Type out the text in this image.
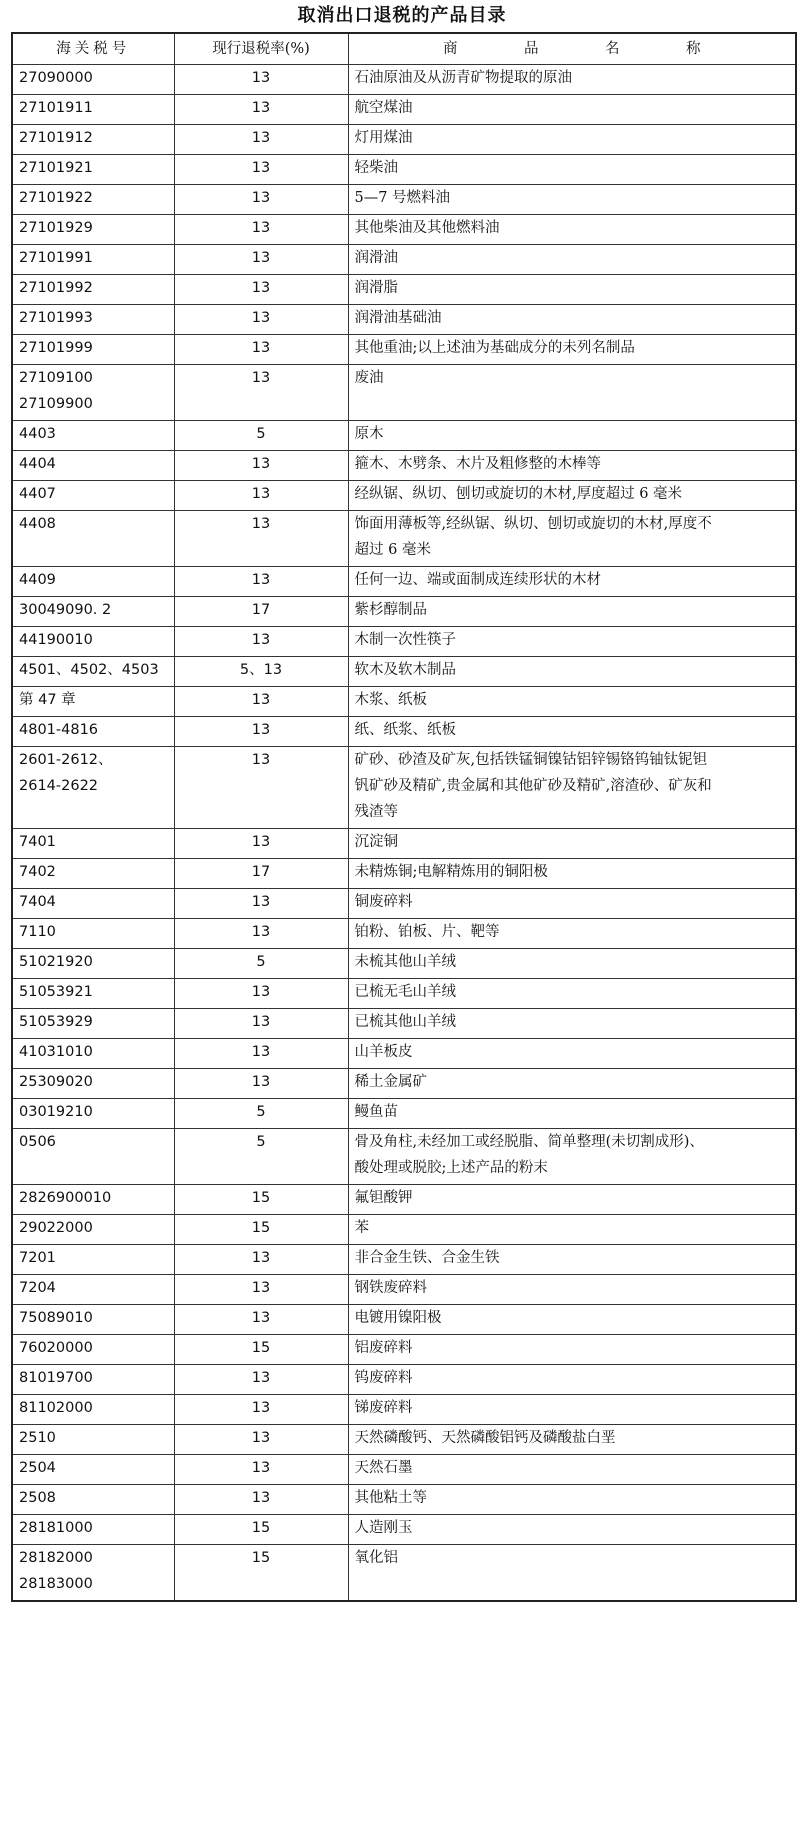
取消出口退税的产品目录
海关税号	现行退税率(%)	商　品　名　称

27090000	13	石油原油及从沥青矿物提取的原油

27101911	13	航空煤油

27101912	13	灯用煤油

27101921	13	轻柴油

27101922	13	5—7 号燃料油

27101929	13	其他柴油及其他燃料油

27101991	13	润滑油

27101992	13	润滑脂

27101993	13	润滑油基础油

27101999	13	其他重油;以上述油为基础成分的未列名制品

27109100
27109900	13	废油

4403	5	原木

4404	13	箍木、木劈条、木片及粗修整的木棒等

4407	13	经纵锯、纵切、刨切或旋切的木材,厚度超过 6 毫米

4408	13	饰面用薄板等,经纵锯、纵切、刨切或旋切的木材,厚度不
超过 6 毫米

4409	13	任何一边、端或面制成连续形状的木材

30049090. 2	17	紫杉醇制品

44190010	13	木制一次性筷子

4501、4502、4503	5、13	软木及软木制品

第 47 章	13	木浆、纸板

4801-4816	13	纸、纸浆、纸板

2601-2612、
2614-2622	13	矿砂、砂渣及矿灰,包括铁锰铜镍钴铝锌锡铬钨铀钛铌钽
钒矿砂及精矿,贵金属和其他矿砂及精矿,溶渣砂、矿灰和
残渣等

7401	13	沉淀铜

7402	17	未精炼铜;电解精炼用的铜阳极

7404	13	铜废碎料

7110	13	铂粉、铂板、片、靶等

51021920	5	未梳其他山羊绒

51053921	13	已梳无毛山羊绒

51053929	13	已梳其他山羊绒

41031010	13	山羊板皮

25309020	13	稀土金属矿

03019210	5	鳗鱼苗

0506	5	骨及角柱,未经加工或经脱脂、简单整理(未切割成形)、
酸处理或脱胶;上述产品的粉末

2826900010	15	氟钽酸钾

29022000	15	苯

7201	13	非合金生铁、合金生铁

7204	13	钢铁废碎料

75089010	13	电镀用镍阳极

76020000	15	铝废碎料

81019700	13	钨废碎料

81102000	13	锑废碎料

2510	13	天然磷酸钙、天然磷酸铝钙及磷酸盐白垩

2504	13	天然石墨

2508	13	其他粘土等

28181000	15	人造刚玉

28182000
28183000	15	氧化铝
